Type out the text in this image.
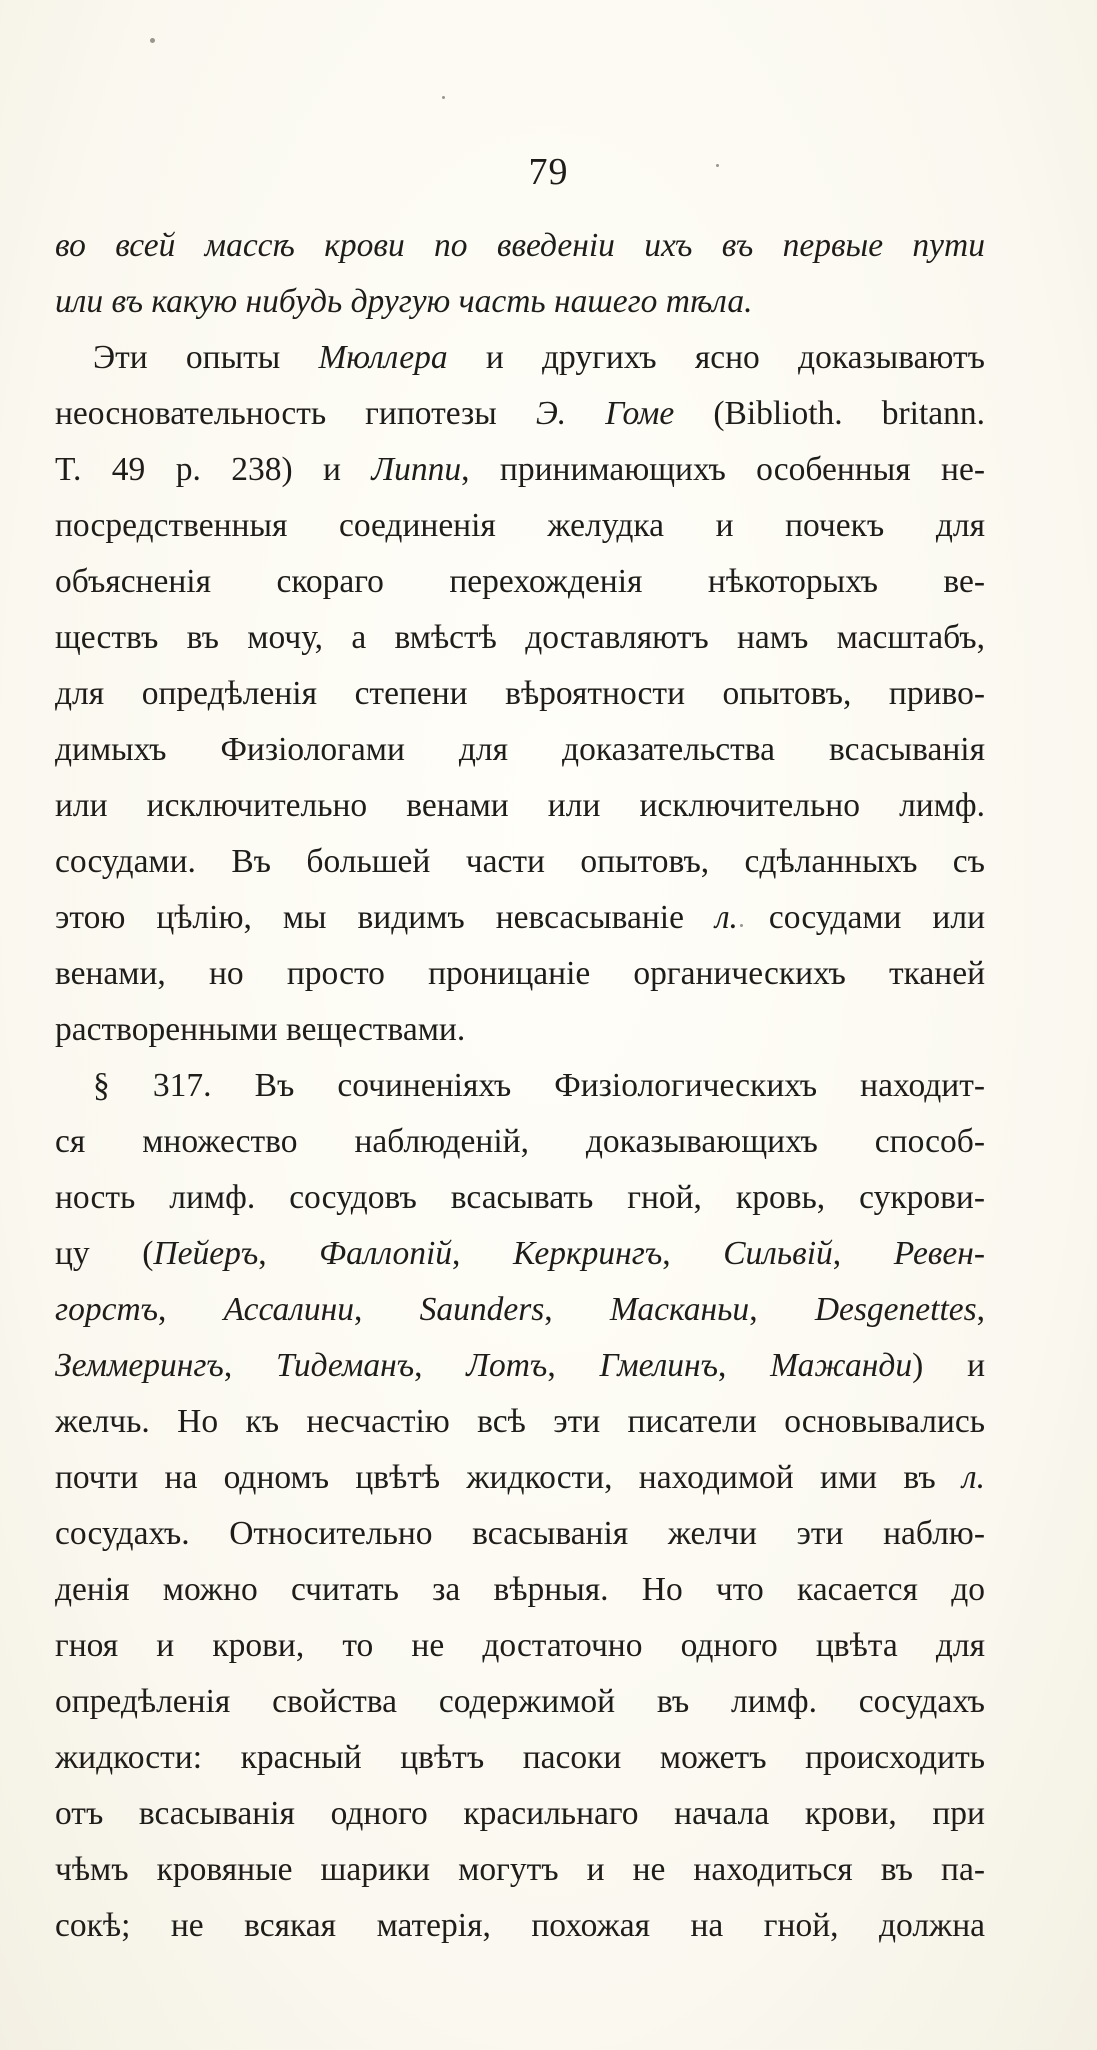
79
во всей массѣ крови по введеніи ихъ въ первые пути
или въ какую нибудь другую часть нашего тѣла.
Эти опыты Мюллера и другихъ ясно доказываютъ
неосновательность гипотезы Э. Гоме (Biblioth. britann.
T. 49 p. 238) и Липпи, принимающихъ особенныя не-
посредственныя соединенія желудка и почекъ для
объясненія скораго перехожденія нѣкоторыхъ ве-
ществъ въ мочу, а вмѣстѣ доставляютъ намъ масштабъ,
для опредѣленія степени вѣроятности опытовъ, приво-
димыхъ Физіологами для доказательства всасыванія
или исключительно венами или исключительно лимф.
сосудами. Въ большей части опытовъ, сдѣланныхъ съ
этою цѣлію, мы видимъ невсасываніе л. сосудами или
венами, но просто проницаніе органическихъ тканей
растворенными веществами.
§ 317. Въ сочиненіяхъ Физіологическихъ находит-
ся множество наблюденій, доказывающихъ способ-
ность лимф. сосудовъ всасывать гной, кровь, сукрови-
цу (Пейеръ, Фаллопій, Керкрингъ, Сильвій, Ревен-
горстъ, Ассалини, Saunders, Масканьи, Desgenettes,
Земмерингъ, Тидеманъ, Лотъ, Гмелинъ, Мажанди) и
желчь. Но къ несчастію всѣ эти писатели основывались
почти на одномъ цвѣтѣ жидкости, находимой ими въ л.
сосудахъ. Относительно всасыванія желчи эти наблю-
денія можно считать за вѣрныя. Но что касается до
гноя и крови, то не достаточно одного цвѣта для
опредѣленія свойства содержимой въ лимф. сосудахъ
жидкости: красный цвѣтъ пасоки можетъ происходить
отъ всасыванія одного красильнаго начала крови, при
чѣмъ кровяные шарики могутъ и не находиться въ па-
сокѣ; не всякая матерія, похожая на гной, должна
